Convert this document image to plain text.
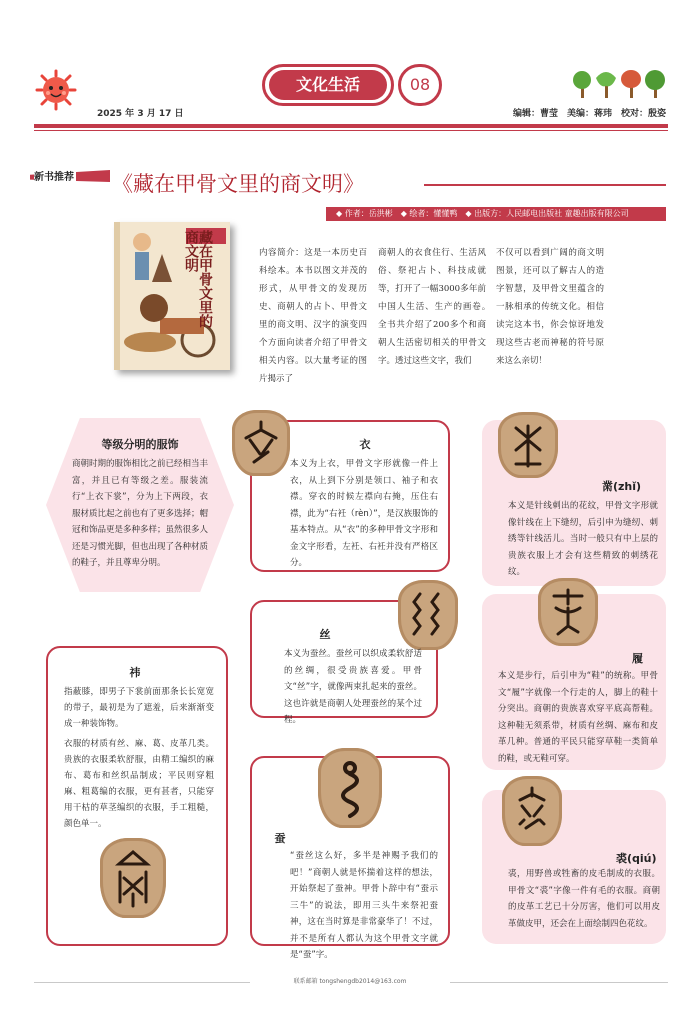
2025 年 3 月 17 日
文化生活	08
编辑：曹莹　美编：蒋玮　校对：殷姿
新书推荐 《藏在甲骨文里的商文明》
◆ 作者：岳洪彬　◆ 绘者：懂懂鸭　◆ 出版方：人民邮电出版社 童趣出版有限公司
藏在甲骨文里的商文明	内容简介：这是一本历史百科绘本。本书以图文并茂的形式，从甲骨文的发现历史、商朝人的占卜、甲骨文里的商文明、汉字的演变四个方面向读者介绍了甲骨文相关内容。以大量考证的图片揭示了
商朝人的衣食住行、生活风俗、祭祀占卜、科技成就等，打开了一幅3000多年前中国人生活、生产的画卷。　全书共介绍了200多个和商朝人生活密切相关的甲骨文字。透过这些文字，我们
不仅可以看到广阔的商文明图景，还可以了解古人的造字智慧，及甲骨文里蕴含的一脉相承的传统文化。相信读完这本书，你会惊讶地发现这些古老而神秘的符号原来这么亲切！
等级分明的服饰
商朝时期的服饰相比之前已经相当丰富，并且已有等级之差。服装流行“上衣下裳”，分为上下两段，衣服材质比起之前也有了更多选择；帽冠和饰品更是多种多样；虽然很多人还是习惯光脚，但也出现了各种材质的鞋子，并且尊卑分明。
衣
本义为上衣，甲骨文字形就像一件上衣，从上到下分别是领口、袖子和衣襟。穿衣的时候左襟向右掩，压住右襟，此为“右衽（rèn）”，是汉族服饰的基本特点。从“衣”的多种甲骨文字形和金文字形看，左衽、右衽并没有严格区分。
黹(zhǐ)
本义是针线刺出的花纹，甲骨文字形就像针线在上下缝纫，后引申为缝纫、刺绣等针线活儿。当时一般只有中上层的贵族衣服上才会有这些精致的刺绣花纹。
丝
本义为蚕丝。蚕丝可以织成柔软舒适的丝绸，很受贵族喜爱。甲骨文“丝”字，就像两束扎起来的蚕丝。这也许就是商朝人处理蚕丝的某个过程。
祎
指蔽膝，即男子下裳前面那条长长宽宽的带子，最初是为了遮羞，后来渐渐变成一种装饰物。
衣服的材质有丝、麻、葛、皮革几类。贵族的衣服柔软舒服，由精工编织的麻布、葛布和丝织品制成；平民则穿粗麻、粗葛编的衣服，更有甚者，只能穿用干枯的草茎编织的衣服，手工粗糙，颜色单一。
履
本义是步行，后引申为“鞋”的统称。甲骨文“履”字就像一个行走的人，脚上的鞋十分突出。商朝的贵族喜欢穿平底高帮鞋。这种鞋无须系带，材质有丝绸、麻布和皮革几种。普通的平民只能穿草鞋一类简单的鞋，或无鞋可穿。
蚕
“蚕丝这么好，多半是神赐予我们的吧！”商朝人就是怀揣着这样的想法，开始祭起了蚕神。甲骨卜辞中有“蚕示三牛”的说法，即用三头牛来祭祀蚕神，这在当时算是非常豪华了！不过，并不是所有人都认为这个甲骨文字就是“蚕”字。
裘(qiú)
裘，用野兽或牲畜的皮毛制成的衣服。甲骨文“裘”字像一件有毛的衣服。商朝的皮革工艺已十分厉害，他们可以用皮革做皮甲，还会在上面绘制四色花纹。
联系邮箱 tongshengdb2014@163.com
